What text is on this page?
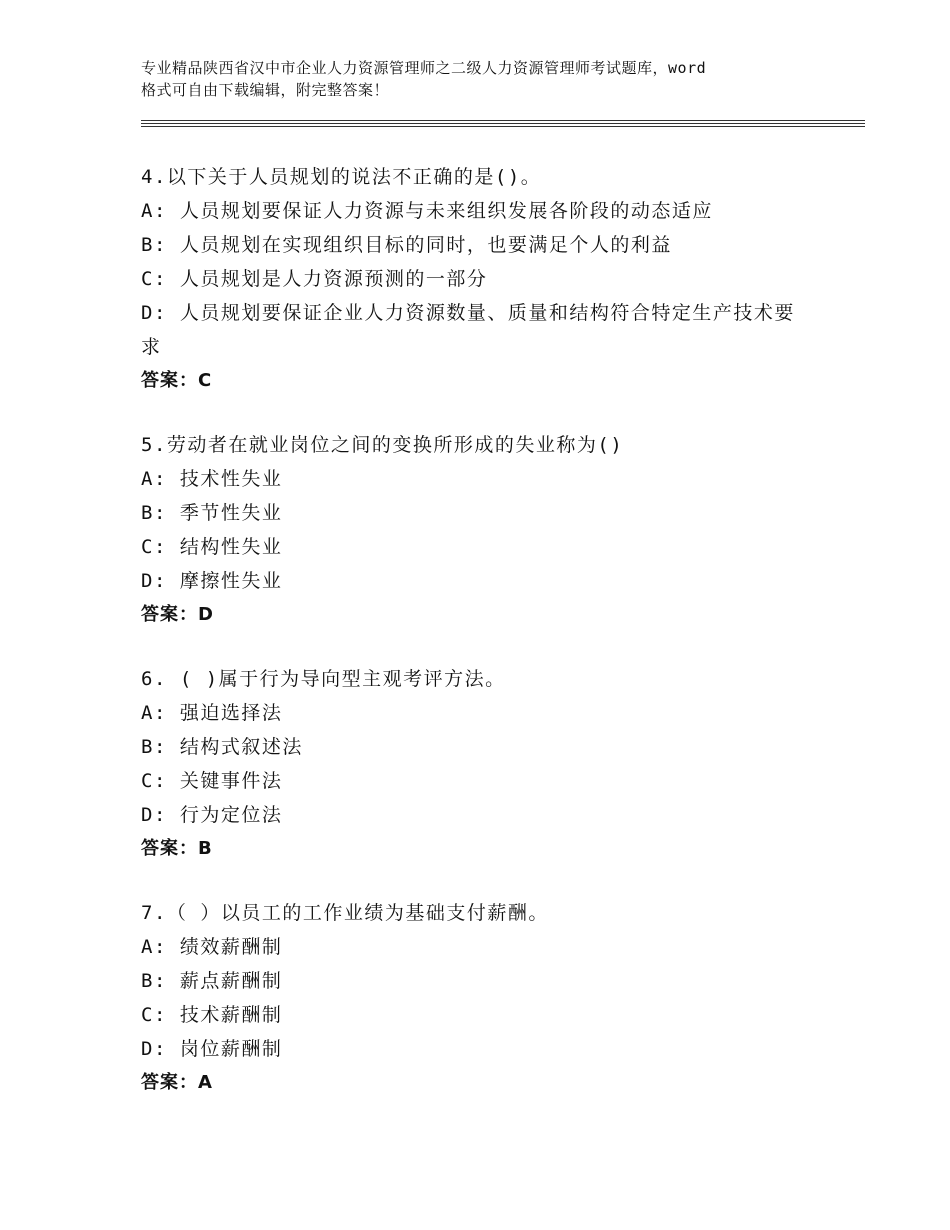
专业精品陕西省汉中市企业人力资源管理师之二级人力资源管理师考试题库，word
格式可自由下载编辑，附完整答案！
4.以下关于人员规划的说法不正确的是()。
A: 人员规划要保证人力资源与未来组织发展各阶段的动态适应
B: 人员规划在实现组织目标的同时，也要满足个人的利益
C: 人员规划是人力资源预测的一部分
D: 人员规划要保证企业人力资源数量、质量和结构符合特定生产技术要求
答案：C
5.劳动者在就业岗位之间的变换所形成的失业称为()
A: 技术性失业
B: 季节性失业
C: 结构性失业
D: 摩擦性失业
答案：D
6. ( )属于行为导向型主观考评方法。
A: 强迫选择法
B: 结构式叙述法
C: 关键事件法
D: 行为定位法
答案：B
7.（ ）以员工的工作业绩为基础支付薪酬。
A: 绩效薪酬制
B: 薪点薪酬制
C: 技术薪酬制
D: 岗位薪酬制
答案：A
